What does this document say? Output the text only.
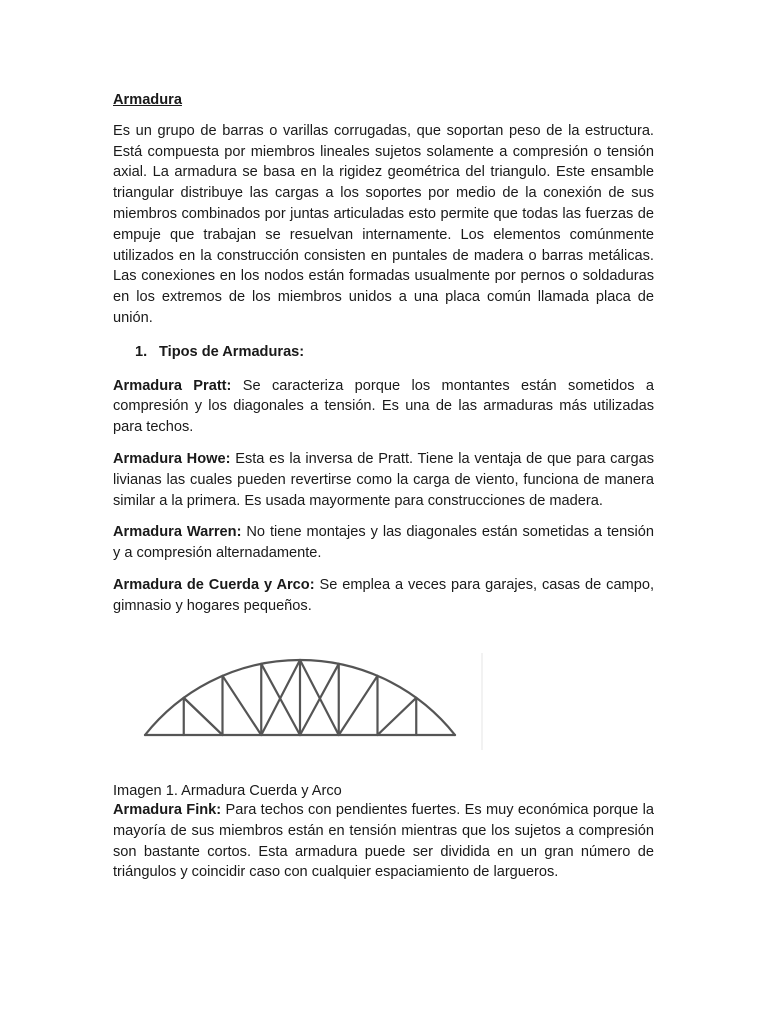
Armadura

Es un grupo de barras o varillas corrugadas, que soportan peso de la estructura. Está compuesta por miembros lineales sujetos solamente a compresión o tensión axial. La armadura se basa en la rigidez geométrica del triangulo. Este ensamble triangular distribuye las cargas a los soportes por medio de la conexión de sus miembros combinados por juntas articuladas esto permite que todas las fuerzas de empuje que trabajan se resuelvan internamente. Los elementos comúnmente utilizados en la construcción consisten en puntales de madera o barras metálicas. Las conexiones en los nodos están formadas usualmente por pernos o soldaduras en los extremos de los miembros unidos a una placa común llamada placa de unión.

1. Tipos de Armaduras:

Armadura Pratt: Se caracteriza porque los montantes están sometidos a compresión y los diagonales a tensión. Es una de las armaduras más utilizadas para techos.

Armadura Howe: Esta es la inversa de Pratt. Tiene la ventaja de que para cargas livianas las cuales pueden revertirse como la carga de viento, funciona de manera similar a la primera. Es usada mayormente para construcciones de madera.

Armadura Warren: No tiene montajes y las diagonales están sometidas a tensión y a compresión alternadamente.

Armadura de Cuerda y Arco: Se emplea a veces para garajes, casas de campo, gimnasio y hogares pequeños.

Imagen 1. Armadura Cuerda y Arco

Armadura Fink: Para techos con pendientes fuertes. Es muy económica porque la mayoría de sus miembros están en tensión mientras que los sujetos a compresión son bastante cortos. Esta armadura puede ser dividida en un gran número de triángulos y coincidir caso con cualquier espaciamiento de largueros.
